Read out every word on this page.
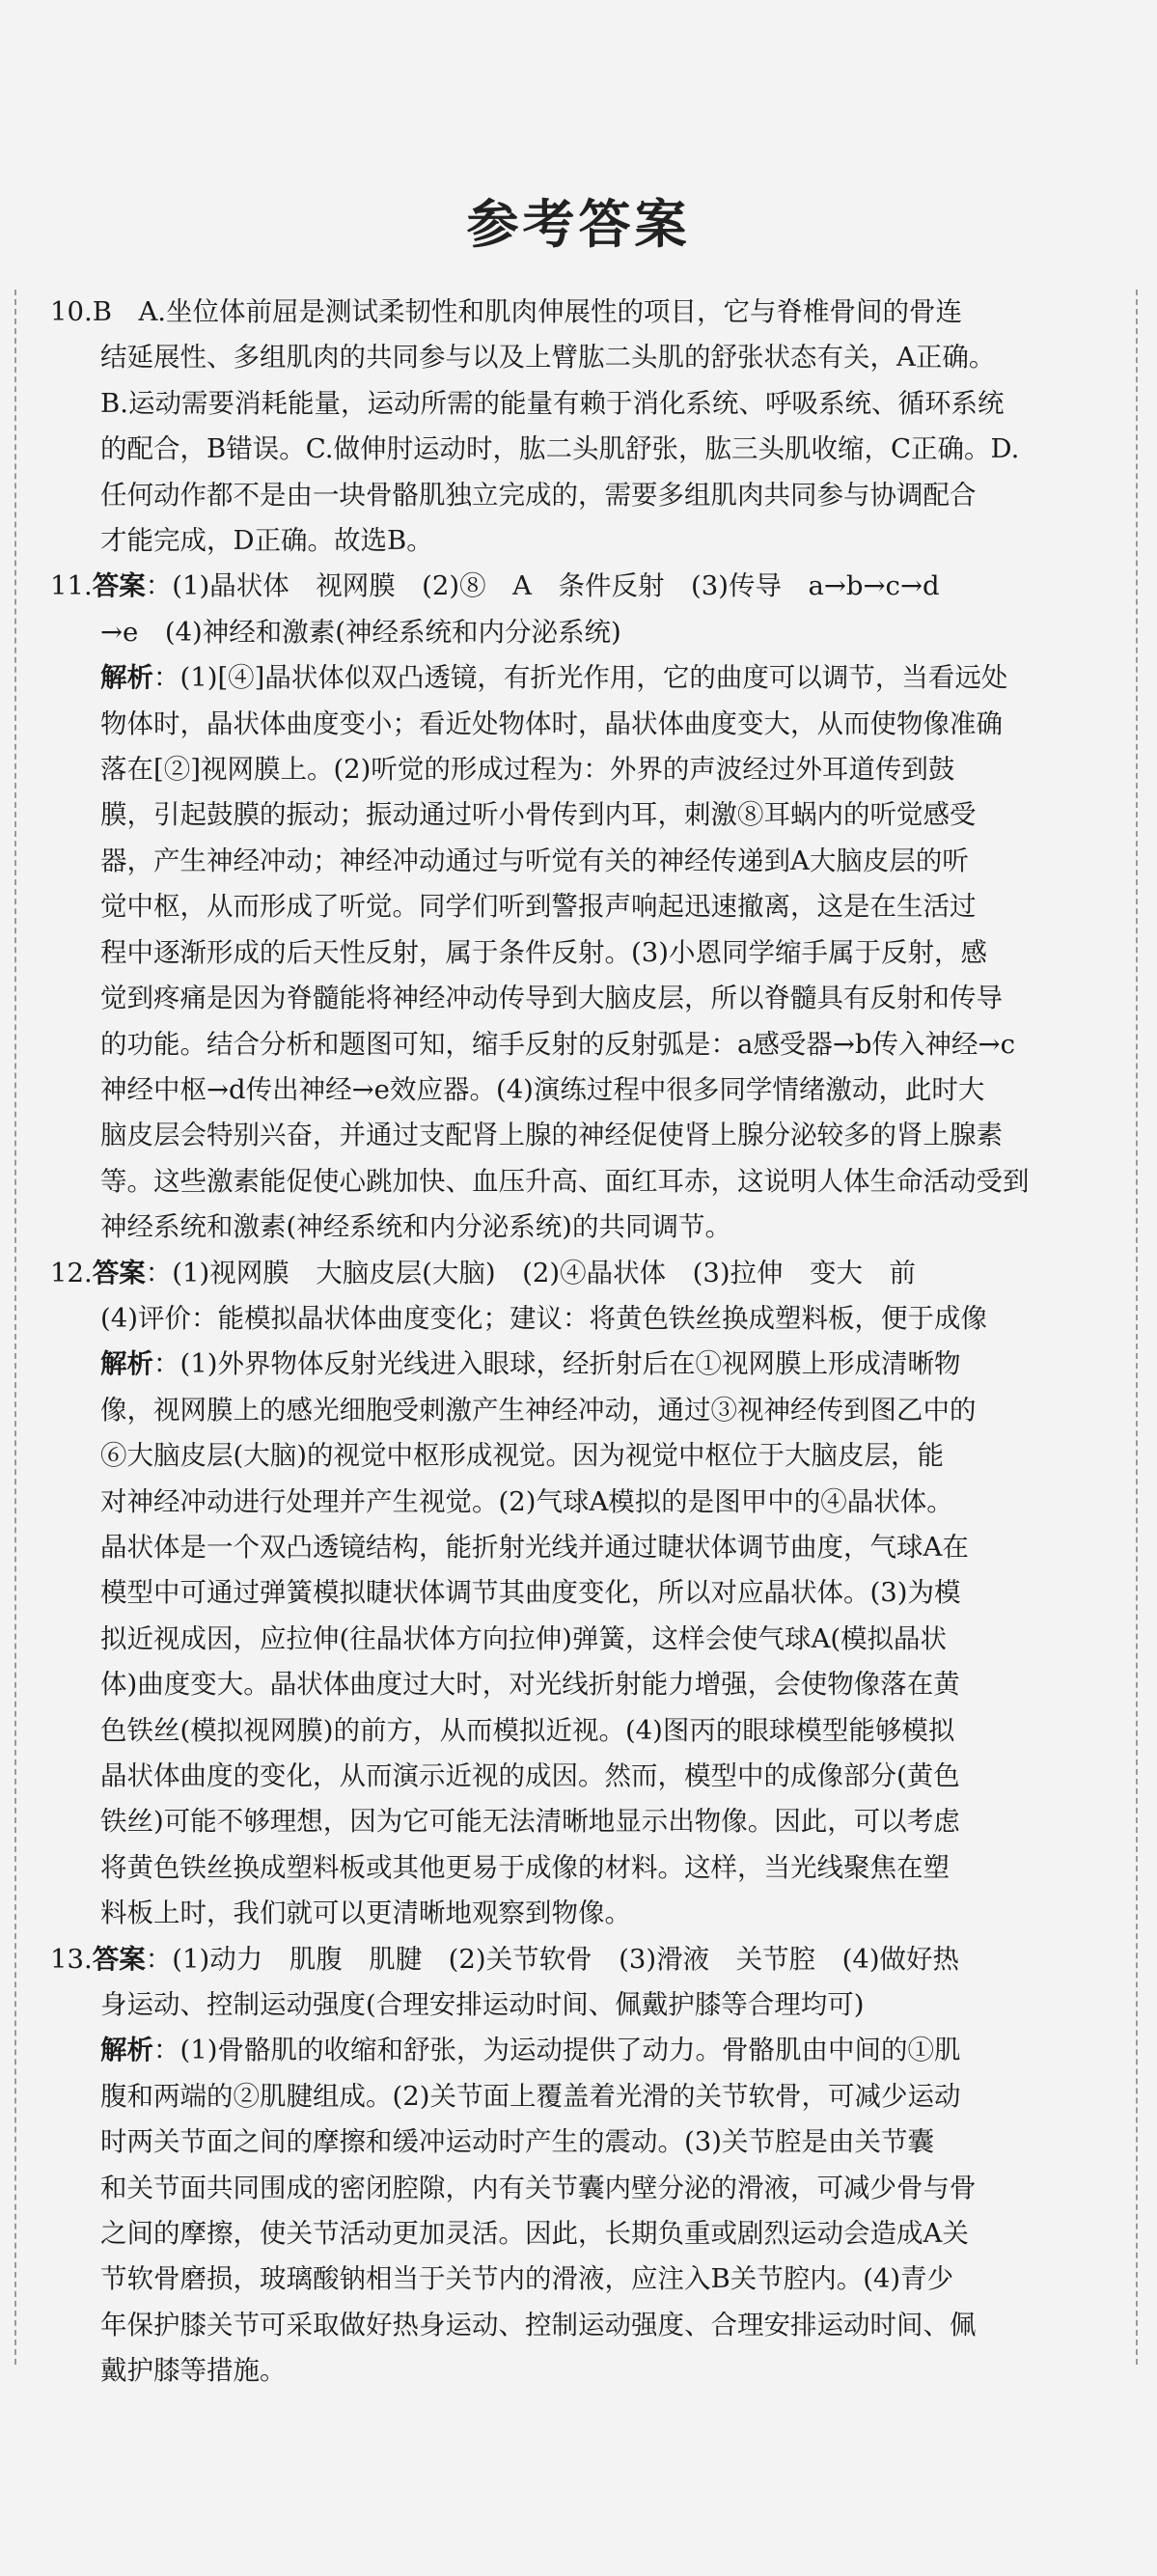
参考答案
10.B　A.坐位体前屈是测试柔韧性和肌肉伸展性的项目，它与脊椎骨间的骨连
结延展性、多组肌肉的共同参与以及上臂肱二头肌的舒张状态有关，A正确。
B.运动需要消耗能量，运动所需的能量有赖于消化系统、呼吸系统、循环系统
的配合，B错误。C.做伸肘运动时，肱二头肌舒张，肱三头肌收缩，C正确。D.
任何动作都不是由一块骨骼肌独立完成的，需要多组肌肉共同参与协调配合
才能完成，D正确。故选B。
11.答案：(1)晶状体　视网膜　(2)⑧　A　条件反射　(3)传导　a→b→c→d
→e　(4)神经和激素(神经系统和内分泌系统)
解析：(1)[④]晶状体似双凸透镜，有折光作用，它的曲度可以调节，当看远处
物体时，晶状体曲度变小；看近处物体时，晶状体曲度变大，从而使物像准确
落在[②]视网膜上。(2)听觉的形成过程为：外界的声波经过外耳道传到鼓
膜，引起鼓膜的振动；振动通过听小骨传到内耳，刺激⑧耳蜗内的听觉感受
器，产生神经冲动；神经冲动通过与听觉有关的神经传递到A大脑皮层的听
觉中枢，从而形成了听觉。同学们听到警报声响起迅速撤离，这是在生活过
程中逐渐形成的后天性反射，属于条件反射。(3)小恩同学缩手属于反射，感
觉到疼痛是因为脊髓能将神经冲动传导到大脑皮层，所以脊髓具有反射和传导
的功能。结合分析和题图可知，缩手反射的反射弧是：a感受器→b传入神经→c
神经中枢→d传出神经→e效应器。(4)演练过程中很多同学情绪激动，此时大
脑皮层会特别兴奋，并通过支配肾上腺的神经促使肾上腺分泌较多的肾上腺素
等。这些激素能促使心跳加快、血压升高、面红耳赤，这说明人体生命活动受到
神经系统和激素(神经系统和内分泌系统)的共同调节。
12.答案：(1)视网膜　大脑皮层(大脑)　(2)④晶状体　(3)拉伸　变大　前
(4)评价：能模拟晶状体曲度变化；建议：将黄色铁丝换成塑料板，便于成像
解析：(1)外界物体反射光线进入眼球，经折射后在①视网膜上形成清晰物
像，视网膜上的感光细胞受刺激产生神经冲动，通过③视神经传到图乙中的
⑥大脑皮层(大脑)的视觉中枢形成视觉。因为视觉中枢位于大脑皮层，能
对神经冲动进行处理并产生视觉。(2)气球A模拟的是图甲中的④晶状体。
晶状体是一个双凸透镜结构，能折射光线并通过睫状体调节曲度，气球A在
模型中可通过弹簧模拟睫状体调节其曲度变化，所以对应晶状体。(3)为模
拟近视成因，应拉伸(往晶状体方向拉伸)弹簧，这样会使气球A(模拟晶状
体)曲度变大。晶状体曲度过大时，对光线折射能力增强，会使物像落在黄
色铁丝(模拟视网膜)的前方，从而模拟近视。(4)图丙的眼球模型能够模拟
晶状体曲度的变化，从而演示近视的成因。然而，模型中的成像部分(黄色
铁丝)可能不够理想，因为它可能无法清晰地显示出物像。因此，可以考虑
将黄色铁丝换成塑料板或其他更易于成像的材料。这样，当光线聚焦在塑
料板上时，我们就可以更清晰地观察到物像。
13.答案：(1)动力　肌腹　肌腱　(2)关节软骨　(3)滑液　关节腔　(4)做好热
身运动、控制运动强度(合理安排运动时间、佩戴护膝等合理均可)
解析：(1)骨骼肌的收缩和舒张，为运动提供了动力。骨骼肌由中间的①肌
腹和两端的②肌腱组成。(2)关节面上覆盖着光滑的关节软骨，可减少运动
时两关节面之间的摩擦和缓冲运动时产生的震动。(3)关节腔是由关节囊
和关节面共同围成的密闭腔隙，内有关节囊内壁分泌的滑液，可减少骨与骨
之间的摩擦，使关节活动更加灵活。因此，长期负重或剧烈运动会造成A关
节软骨磨损，玻璃酸钠相当于关节内的滑液，应注入B关节腔内。(4)青少
年保护膝关节可采取做好热身运动、控制运动强度、合理安排运动时间、佩
戴护膝等措施。
